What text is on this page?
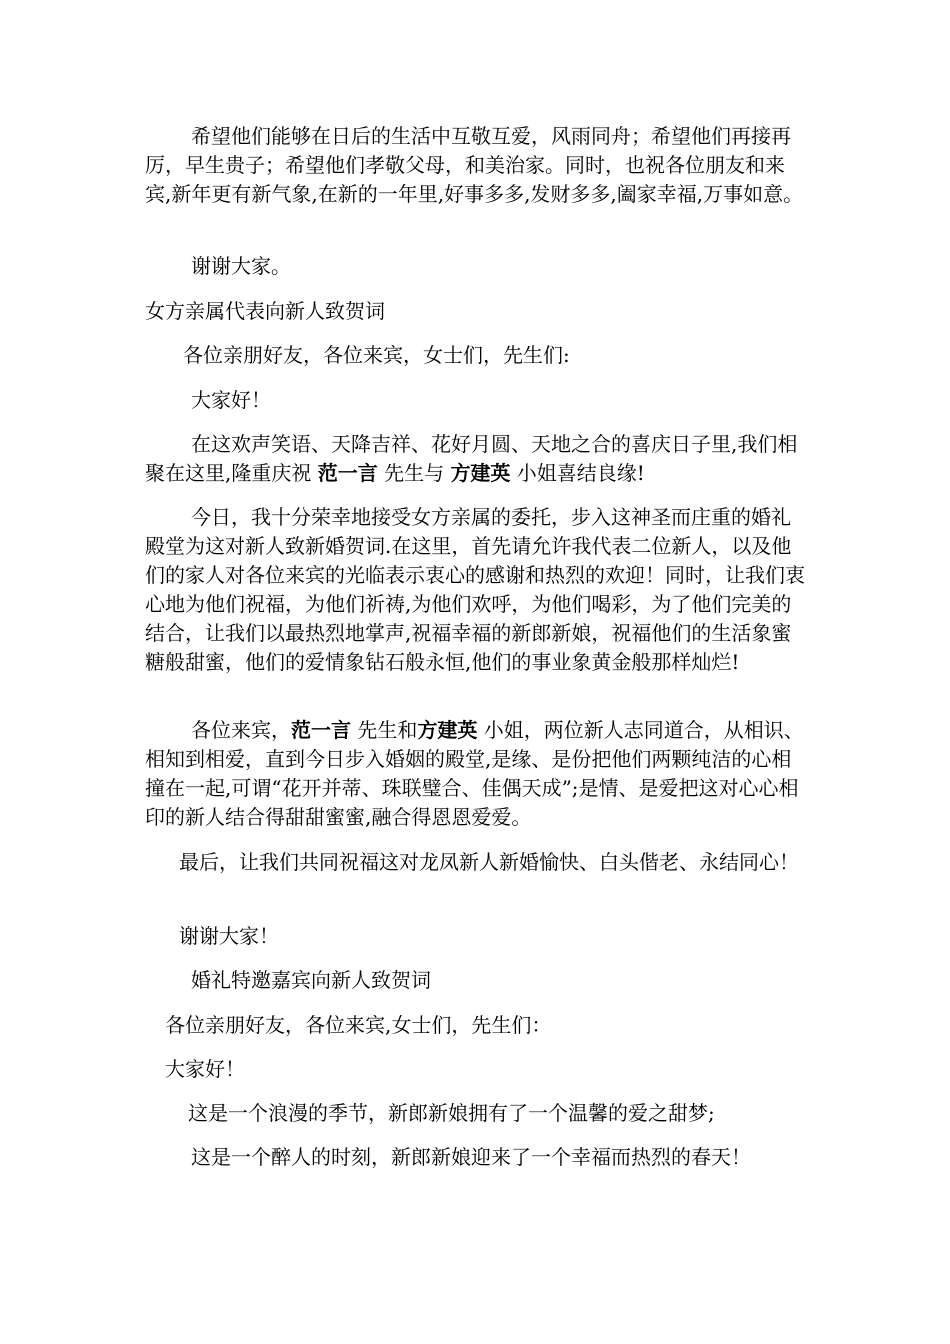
希望他们能够在日后的生活中互敬互爱，风雨同舟；希望他们再接再厉，早生贵子；希望他们孝敬父母，和美治家。同时，也祝各位朋友和来宾,新年更有新气象,在新的一年里,好事多多,发财多多,阖家幸福,万事如意。

谢谢大家。

女方亲属代表向新人致贺词

各位亲朋好友，各位来宾，女士们，先生们:

大家好！

在这欢声笑语、天降吉祥、花好月圆、天地之合的喜庆日子里,我们相聚在这里,隆重庆祝 范一言 先生与 方建英 小姐喜结良缘!

今日，我十分荣幸地接受女方亲属的委托，步入这神圣而庄重的婚礼殿堂为这对新人致新婚贺词.在这里，首先请允许我代表二位新人，以及他们的家人对各位来宾的光临表示衷心的感谢和热烈的欢迎！同时，让我们衷心地为他们祝福，为他们祈祷,为他们欢呼，为他们喝彩，为了他们完美的结合，让我们以最热烈地掌声,祝福幸福的新郎新娘，祝福他们的生活象蜜糖般甜蜜，他们的爱情象钻石般永恒,他们的事业象黄金般那样灿烂!

各位来宾，范一言 先生和方建英 小姐，两位新人志同道合，从相识、相知到相爱，直到今日步入婚姻的殿堂,是缘、是份把他们两颗纯洁的心相撞在一起,可谓“花开并蒂、珠联璧合、佳偶天成”;是情、是爱把这对心心相印的新人结合得甜甜蜜蜜,融合得恩恩爱爱。

最后，让我们共同祝福这对龙凤新人新婚愉快、白头偕老、永结同心！

谢谢大家！

婚礼特邀嘉宾向新人致贺词

各位亲朋好友，各位来宾,女士们，先生们：

大家好！

这是一个浪漫的季节，新郎新娘拥有了一个温馨的爱之甜梦;

这是一个醉人的时刻，新郎新娘迎来了一个幸福而热烈的春天！
